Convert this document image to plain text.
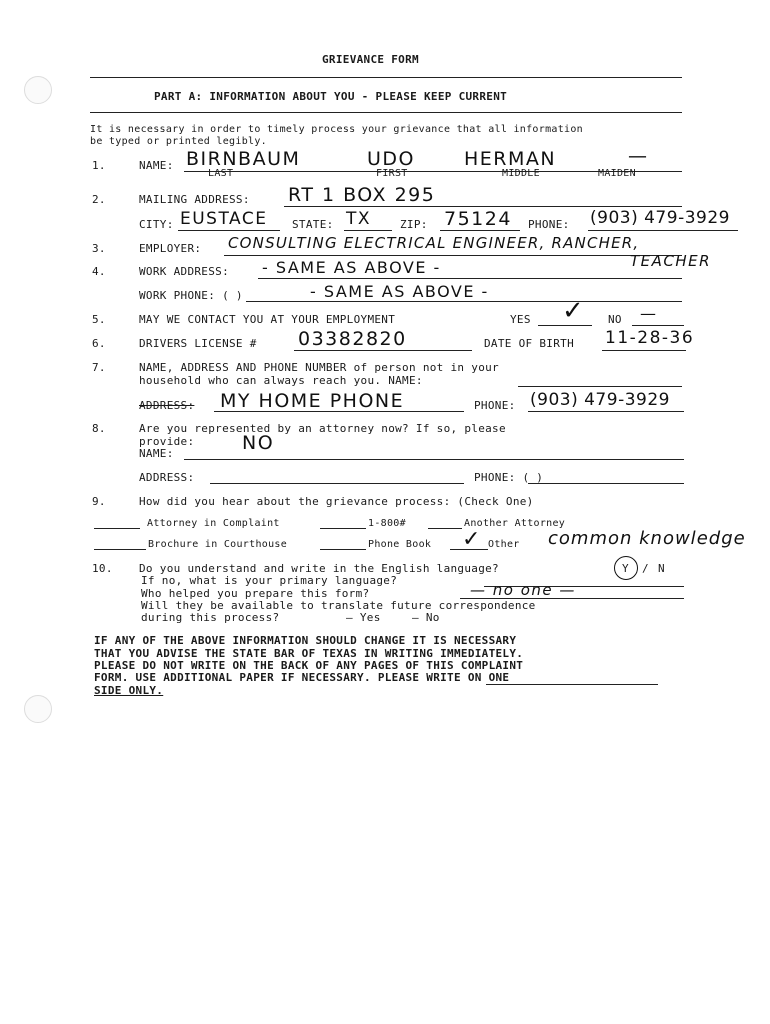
GRIEVANCE FORM
PART A: INFORMATION ABOUT YOU - PLEASE KEEP CURRENT
It is necessary in order to timely process your grievance that all information
be typed or printed legibly.
1.	NAME: BIRNBAUM	UDO	HERMAN	—
LAST	FIRST	MIDDLE	MAIDEN
2.	MAILING ADDRESS: RT 1 BOX 295
CITY: EUSTACE STATE: TX	ZIP: 75124 PHONE: (903) 479-3929
3.	EMPLOYER: CONSULTING ELECTRICAL ENGINEER, RANCHER,
TEACHER
4.	WORK ADDRESS: - SAME AS ABOVE -
WORK PHONE: ( )	- SAME AS ABOVE -
5.	MAY WE CONTACT YOU AT YOUR EMPLOYMENT	YES ✓ NO —
6.	DRIVERS LICENSE # 03382820	DATE OF BIRTH 11-28-36
7.	NAME, ADDRESS AND PHONE NUMBER of person not in your
household who can always reach you. NAME:
ADDRESS: MY HOME PHONE	PHONE: (903) 479-3929
8.	Are you represented by an attorney now? If so, please
provide:	NO
NAME:
ADDRESS:	PHONE: ( )
9.	How did you hear about the grievance process: (Check One)
Attorney in Complaint	1-800#	Another Attorney
Brochure in Courthouse	Phone Book ✓ Other common knowledge
10. Do you understand and write in the English language?	Y / N
If no, what is your primary language?
Who helped you prepare this form?	— no one —
Will they be available to translate future correspondence
during this process?	— Yes	— No
IF ANY OF THE ABOVE INFORMATION SHOULD CHANGE IT IS NECESSARY
THAT YOU ADVISE THE STATE BAR OF TEXAS IN WRITING IMMEDIATELY.
PLEASE DO NOT WRITE ON THE BACK OF ANY PAGES OF THIS COMPLAINT
FORM. USE ADDITIONAL PAPER IF NECESSARY. PLEASE WRITE ON ONE
SIDE ONLY.
